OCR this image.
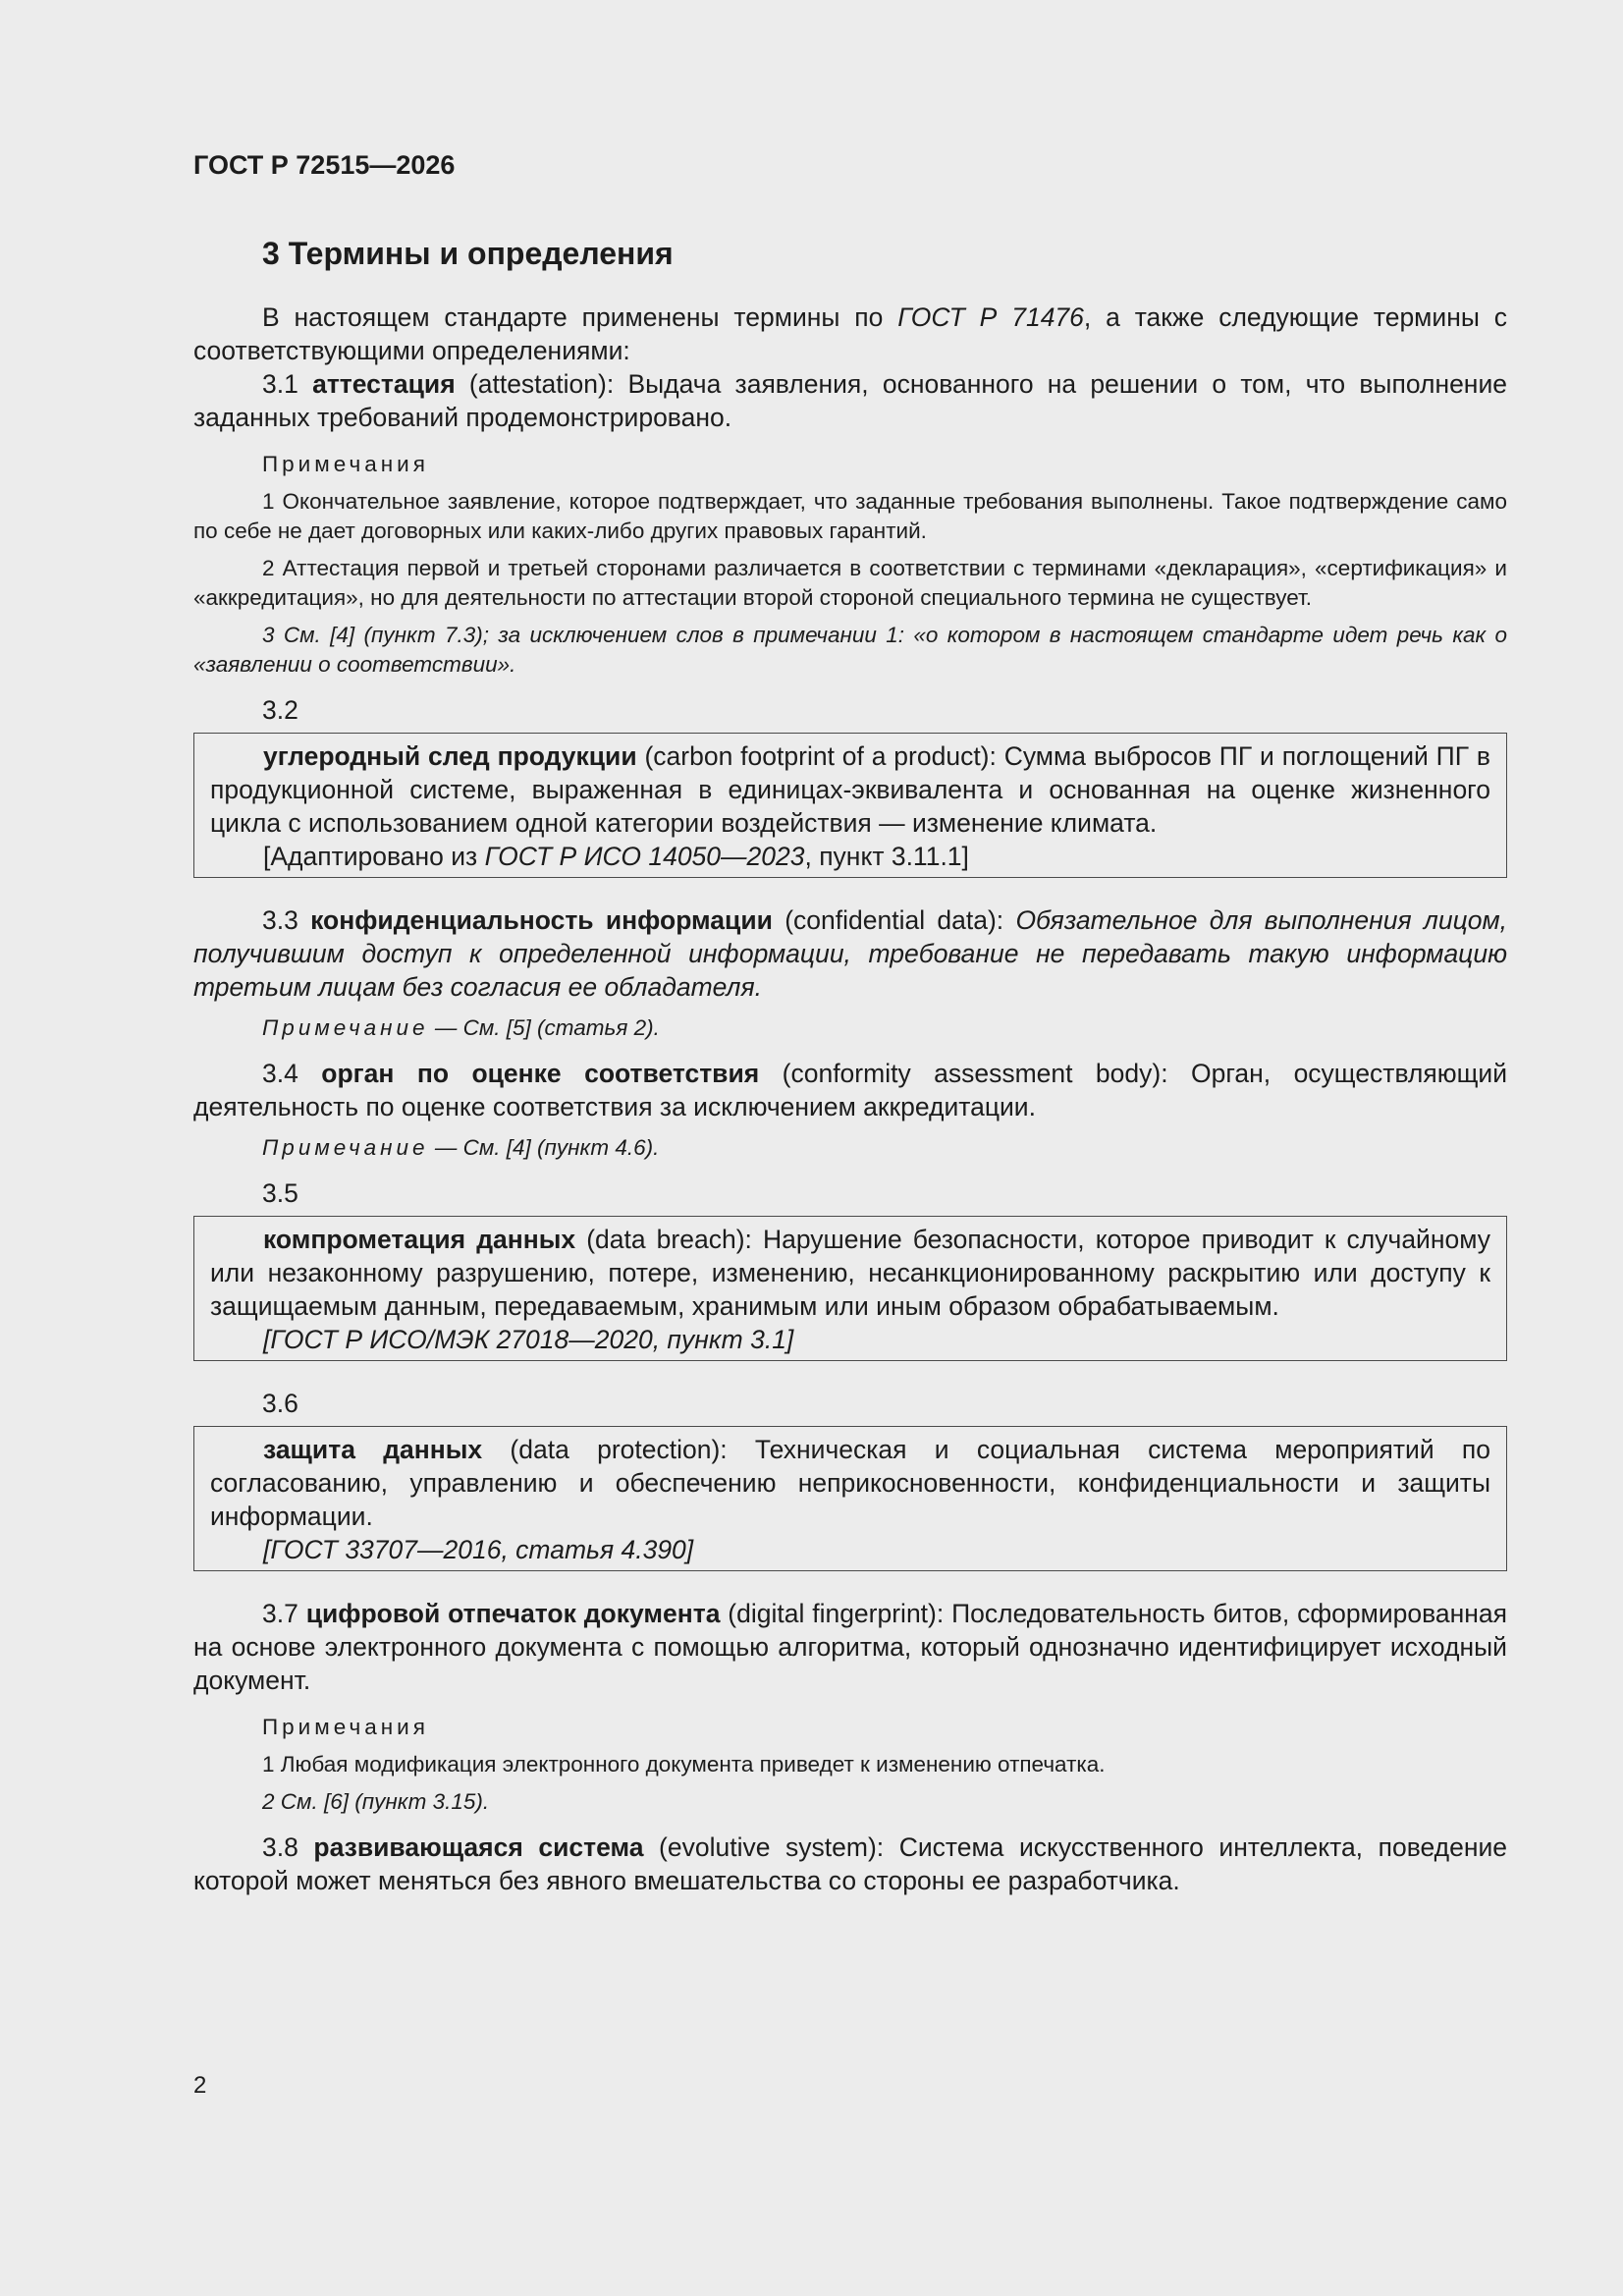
ГОСТ Р 72515—2026

3 Термины и определения

В настоящем стандарте применены термины по ГОСТ Р 71476, а также следующие термины с соответствующими определениями:

3.1 аттестация (attestation): Выдача заявления, основанного на решении о том, что выполнение заданных требований продемонстрировано.

Примечания

1 Окончательное заявление, которое подтверждает, что заданные требования выполнены. Такое подтверждение само по себе не дает договорных или каких-либо других правовых гарантий.

2 Аттестация первой и третьей сторонами различается в соответствии с терминами «декларация», «сертификация» и «аккредитация», но для деятельности по аттестации второй стороной специального термина не существует.

3 См. [4] (пункт 7.3); за исключением слов в примечании 1: «о котором в настоящем стандарте идет речь как о «заявлении о соответствии».

3.2

углеродный след продукции (carbon footprint of a product): Сумма выбросов ПГ и поглощений ПГ в продукционной системе, выраженная в единицах-эквивалента и основанная на оценке жизненного цикла с использованием одной категории воздействия — изменение климата.

[Адаптировано из ГОСТ Р ИСО 14050—2023, пункт 3.11.1]

3.3 конфиденциальность информации (confidential data): Обязательное для выполнения лицом, получившим доступ к определенной информации, требование не передавать такую информацию третьим лицам без согласия ее обладателя.

Примечание — См. [5] (статья 2).

3.4 орган по оценке соответствия (conformity assessment body): Орган, осуществляющий деятельность по оценке соответствия за исключением аккредитации.

Примечание — См. [4] (пункт 4.6).

3.5

компрометация данных (data breach): Нарушение безопасности, которое приводит к случайному или незаконному разрушению, потере, изменению, несанкционированному раскрытию или доступу к защищаемым данным, передаваемым, хранимым или иным образом обрабатываемым.

[ГОСТ Р ИСО/МЭК 27018—2020, пункт 3.1]

3.6

защита данных (data protection): Техническая и социальная система мероприятий по согласованию, управлению и обеспечению неприкосновенности, конфиденциальности и защиты информации.

[ГОСТ 33707—2016, статья 4.390]

3.7 цифровой отпечаток документа (digital fingerprint): Последовательность битов, сформированная на основе электронного документа с помощью алгоритма, который однозначно идентифицирует исходный документ.

Примечания

1 Любая модификация электронного документа приведет к изменению отпечатка.

2 См. [6] (пункт 3.15).

3.8 развивающаяся система (evolutive system): Система искусственного интеллекта, поведение которой может меняться без явного вмешательства со стороны ее разработчика.

2
